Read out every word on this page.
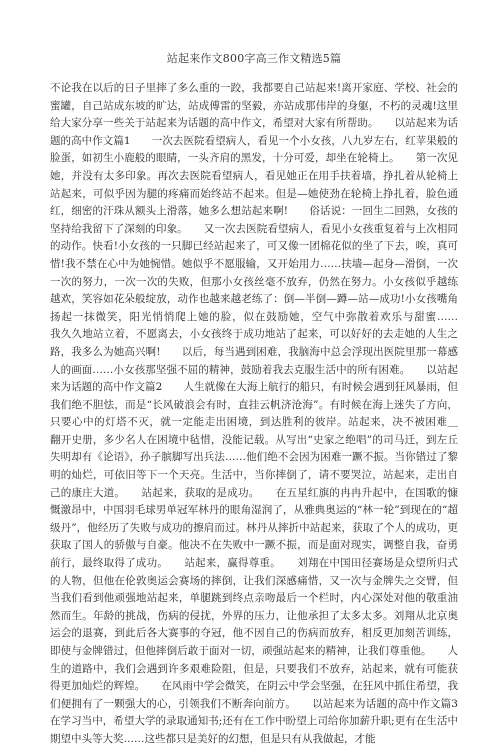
站起来作文800字高三作文精选5篇
不论我在以后的日子里摔了多么重的一跤，我都要自己站起来!离开家庭、学校、社会的蜜罐，自己站成东坡的旷达，站成傅雷的坚毅，亦站成那伟岸的身躯，不朽的灵魂!这里给大家分享一些关于站起来为话题的高中作文，希望对大家有所帮助。　　以站起来为话题的高中作文篇1　　一次去医院看望病人，看见一个小女孩，八九岁左右，红苹果般的脸蛋，如初生小鹿般的眼睛，一头齐肩的黑发，十分可爱，却坐在轮椅上。　　第一次见她，并没有太多印象。再次去医院看望病人，看见她正在用手扶着墙，挣扎着从轮椅上站起来，可似乎因为腿的疼痛而始终站不起来。但是—她使劲在轮椅上挣扎着，脸色通红，细密的汗珠从额头上滑落，她多么想站起来啊!　　俗话说：一回生二回熟，女孩的坚持给我留下了深刻的印象。　　又一次去医院看望病人，看见小女孩重复着与上次相同的动作。快看!小女孩的一只脚已经站起来了，可又像一团棉花似的坐了下去，唉，真可惜!我不禁在心中为她惋惜。她似乎不愿服输，又开始用力……扶墙—起身—滑倒，一次一次的努力，一次一次的失败，但那小女孩丝毫不放弃，仍然在努力。小女孩似乎越练越欢，笑容如花朵般绽放，动作也越来越老练了：倒—半倒—蹲—站—成功!小女孩嘴角扬起一抹微笑，阳光悄悄爬上她的脸，似在鼓励她，空气中弥散着欢乐与甜蜜……　　我久久地站立着，不愿离去，小女孩终于成功地站了起来，可以好好的去走她的人生之路，我多么为她高兴啊!　　以后，每当遇到困难，我脑海中总会浮现出医院里那一幕感人的画面……小女孩那坚强不屈的精神，鼓励着我去克服生活中的所有困难。　　以站起来为话题的高中作文篇2　　人生就像在大海上航行的船只，有时候会遇到狂风暴雨，但我们绝不胆怯，而是“长风破浪会有时，直挂云帆济沧海”。有时候在海上迷失了方向，只要心中的灯塔不灭，就一定能走出困境，到达胜利的彼岸。站起来，决不被困难＿　　翻开史册，多少名人在困境中毡惜，没能记载。从写出“史家之绝唱”的司马迁，到左丘失明却有《论语》，孙子膑脚写出兵法……他们绝不会因为困难一蹶不振。当你错过了黎明的灿烂，可依旧等下一个天亮。生活中，当你摔倒了，请不要哭泣，站起来，走出自己的康庄大道。　　站起来，获取的是成功。　　在五星红旗的冉冉升起中，在国歌的慷慨激昂中，中国羽毛球男单冠军林丹的眼角湿润了，从雅典奥运的“林一轮”到现在的“超级丹”，他经历了失败与成功的擦肩而过。林丹从摔折中站起来，获取了个人的成功，更获取了国人的骄傲与自豪。他决不在失败中一蹶不振，而是面对现实，调整自我，奋勇前行，最终取得了成功。　　站起来，赢得尊重。　　刘翔在中国田径赛场是众望所归式的人物，但他在伦敦奥运会赛场的摔倒，让我们深感痛惜，又一次与金牌失之交臂，但当我们看到他顽强地站起来，单腿跳到终点亲吻最后一个栏时，内心深处对他的敬重油然而生。年龄的挑战，伤病的侵扰，外界的压力，让他承担了太多太多。刘翔从北京奥运会的退赛，到此后各大赛事的夺冠，他不因自己的伤病而放弃，相反更加刻苦训练，即使与金牌错过，但他摔倒后敢于面对一切，顽强站起来的精神，让我们尊重他。　　人生的道路中，我们会遇到许多艰难险阻，但是，只要我们不放弃，站起来，就有可能获得更加灿烂的辉煌。　　在风雨中学会微笑，在阴云中学会坚强，在狂风中抓住希望，我们便拥有了一颗强大的心，引领我们不断奔向前方。　　以站起来为话题的高中作文篇3　　在学习当中，希望大学的录取通知书;还有在工作中盼望上司给你加薪升职;更有在生活中期望中头等大奖……这些都只是美好的幻想，但是只有从我做起，才能
